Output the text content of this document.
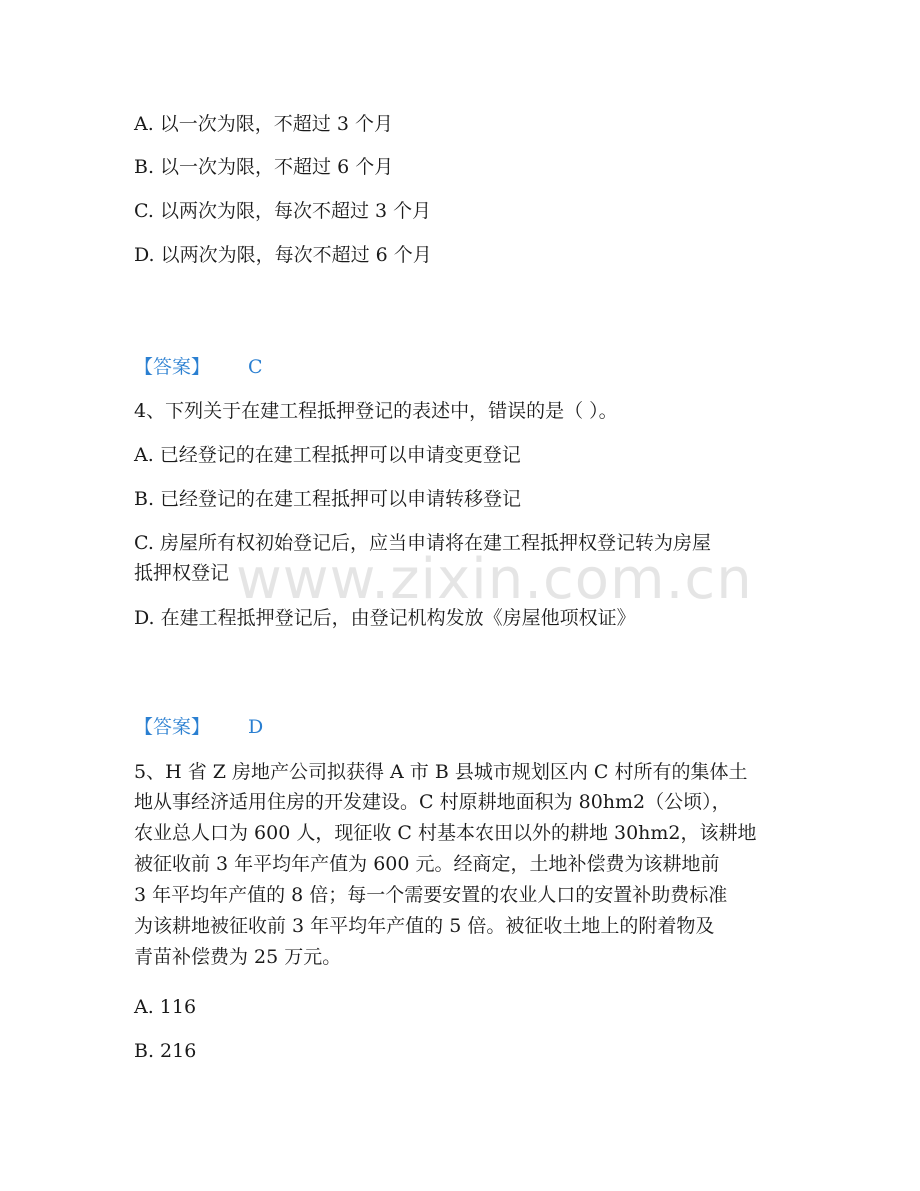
A. 以一次为限，不超过 3 个月
B. 以一次为限，不超过 6 个月
C. 以两次为限，每次不超过 3 个月
D. 以两次为限，每次不超过 6 个月
【答案】 C
4、下列关于在建工程抵押登记的表述中，错误的是（ ）。
A. 已经登记的在建工程抵押可以申请变更登记
B. 已经登记的在建工程抵押可以申请转移登记
C. 房屋所有权初始登记后，应当申请将在建工程抵押权登记转为房屋
抵押权登记
D. 在建工程抵押登记后，由登记机构发放《房屋他项权证》
【答案】 D
5、H 省 Z 房地产公司拟获得 A 市 B 县城市规划区内 C 村所有的集体土
地从事经济适用住房的开发建设。C 村原耕地面积为 80hm2（公顷），
农业总人口为 600 人，现征收 C 村基本农田以外的耕地 30hm2，该耕地
被征收前 3 年平均年产值为 600 元。经商定，土地补偿费为该耕地前
3 年平均年产值的 8 倍；每一个需要安置的农业人口的安置补助费标准
为该耕地被征收前 3 年平均年产值的 5 倍。被征收土地上的附着物及
青苗补偿费为 25 万元。
A. 116
B. 216
www.zixin.com.cn
